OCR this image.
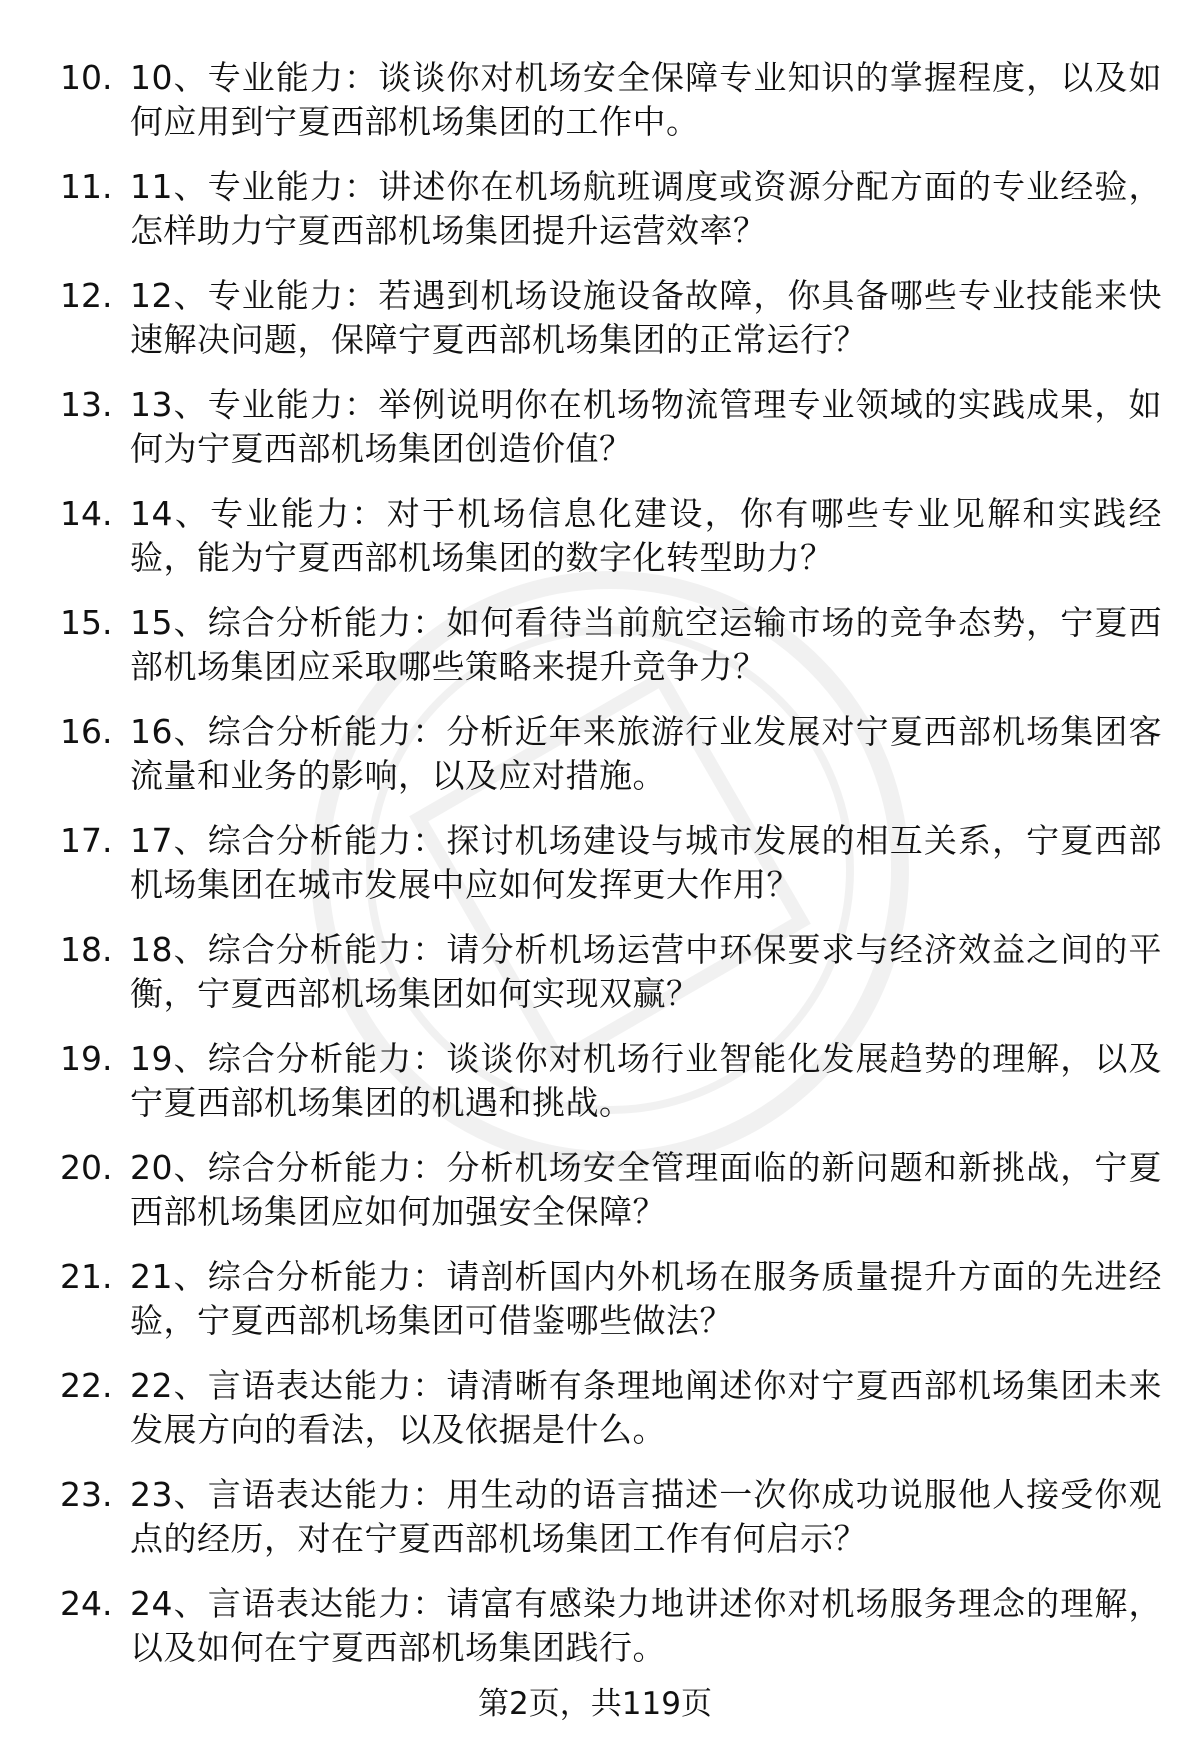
10. 10、专业能力：谈谈你对机场安全保障专业知识的掌握程度，以及如何应用到宁夏西部机场集团的工作中。
11. 11、专业能力：讲述你在机场航班调度或资源分配方面的专业经验，怎样助力宁夏西部机场集团提升运营效率？
12. 12、专业能力：若遇到机场设施设备故障，你具备哪些专业技能来快速解决问题，保障宁夏西部机场集团的正常运行？
13. 13、专业能力：举例说明你在机场物流管理专业领域的实践成果，如何为宁夏西部机场集团创造价值？
14. 14、专业能力：对于机场信息化建设，你有哪些专业见解和实践经验，能为宁夏西部机场集团的数字化转型助力？
15. 15、综合分析能力：如何看待当前航空运输市场的竞争态势，宁夏西部机场集团应采取哪些策略来提升竞争力？
16. 16、综合分析能力：分析近年来旅游行业发展对宁夏西部机场集团客流量和业务的影响，以及应对措施。
17. 17、综合分析能力：探讨机场建设与城市发展的相互关系，宁夏西部机场集团在城市发展中应如何发挥更大作用？
18. 18、综合分析能力：请分析机场运营中环保要求与经济效益之间的平衡，宁夏西部机场集团如何实现双赢？
19. 19、综合分析能力：谈谈你对机场行业智能化发展趋势的理解，以及宁夏西部机场集团的机遇和挑战。
20. 20、综合分析能力：分析机场安全管理面临的新问题和新挑战，宁夏西部机场集团应如何加强安全保障？
21. 21、综合分析能力：请剖析国内外机场在服务质量提升方面的先进经验，宁夏西部机场集团可借鉴哪些做法？
22. 22、言语表达能力：请清晰有条理地阐述你对宁夏西部机场集团未来发展方向的看法，以及依据是什么。
23. 23、言语表达能力：用生动的语言描述一次你成功说服他人接受你观点的经历，对在宁夏西部机场集团工作有何启示？
24. 24、言语表达能力：请富有感染力地讲述你对机场服务理念的理解，以及如何在宁夏西部机场集团践行。
第2页，共119页
